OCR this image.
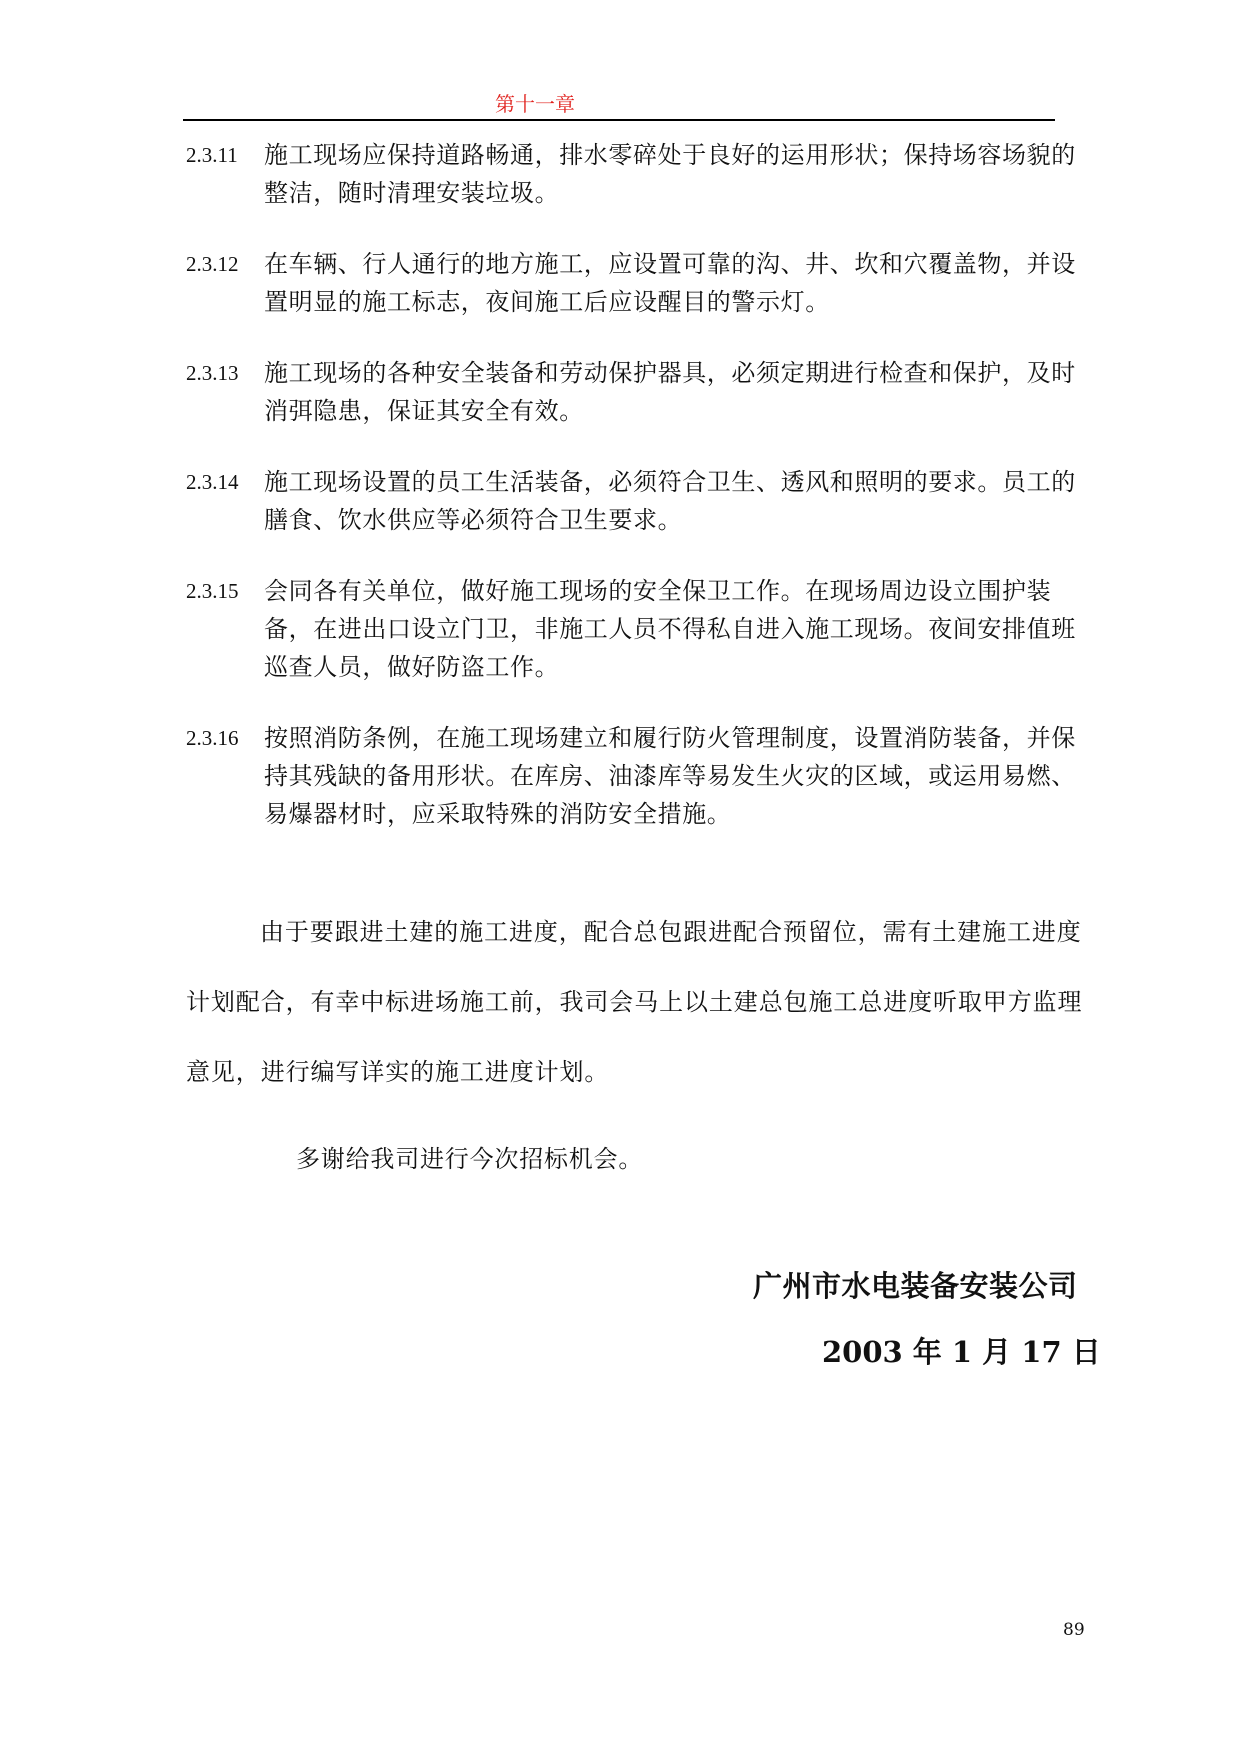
第十一章
2.3.11 施工现场应保持道路畅通，排水零碎处于良好的运用形状；保持场容场貌的整洁，随时清理安装垃圾。
2.3.12 在车辆、行人通行的地方施工，应设置可靠的沟、井、坎和穴覆盖物，并设置明显的施工标志，夜间施工后应设醒目的警示灯。
2.3.13 施工现场的各种安全装备和劳动保护器具，必须定期进行检查和保护，及时消弭隐患，保证其安全有效。
2.3.14 施工现场设置的员工生活装备，必须符合卫生、透风和照明的要求。员工的膳食、饮水供应等必须符合卫生要求。
2.3.15 会同各有关单位，做好施工现场的安全保卫工作。在现场周边设立围护装备，在进出口设立门卫，非施工人员不得私自进入施工现场。夜间安排值班巡查人员，做好防盗工作。
2.3.16 按照消防条例，在施工现场建立和履行防火管理制度，设置消防装备，并保持其残缺的备用形状。在库房、油漆库等易发生火灾的区域，或运用易燃、易爆器材时，应采取特殊的消防安全措施。
由于要跟进土建的施工进度，配合总包跟进配合预留位，需有土建施工进度计划配合，有幸中标进场施工前，我司会马上以土建总包施工总进度听取甲方监理意见，进行编写详实的施工进度计划。
多谢给我司进行今次招标机会。
广州市水电装备安装公司
2003 年 1 月 17 日
89
